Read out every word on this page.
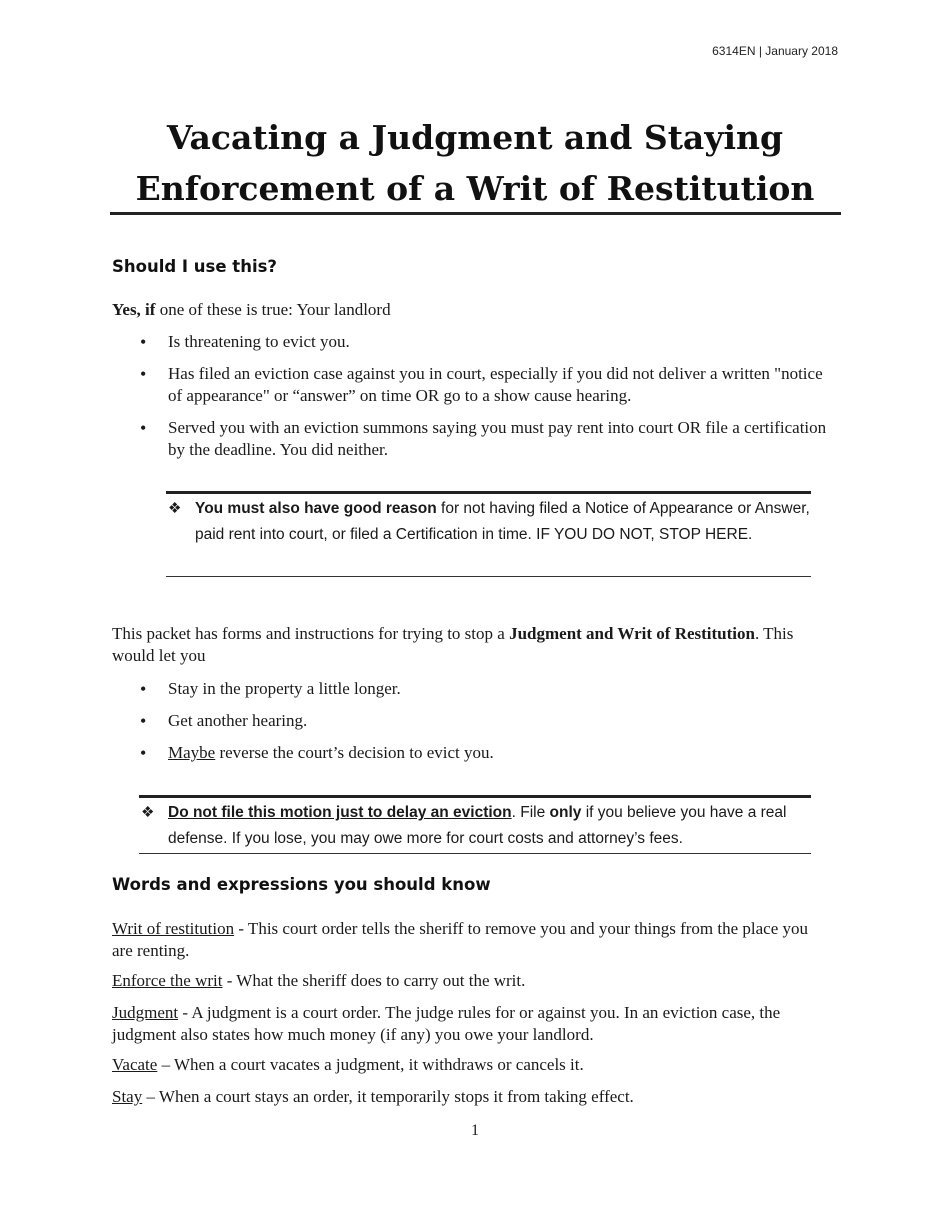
6314EN | January 2018
Vacating a Judgment and Staying
Enforcement of a Writ of Restitution
Should I use this?

Yes, if one of these is true: Your landlord

• Is threatening to evict you.
• Has filed an eviction case against you in court, especially if you did not deliver a written "notice of appearance" or “answer” on time OR go to a show cause hearing.
• Served you with an eviction summons saying you must pay rent into court OR file a certification by the deadline. You did neither.
❖ You must also have good reason for not having filed a Notice of Appearance or Answer, paid rent into court, or filed a Certification in time. IF YOU DO NOT, STOP HERE.

This packet has forms and instructions for trying to stop a Judgment and Writ of Restitution. This would let you

• Stay in the property a little longer.
• Get another hearing.
• Maybe reverse the court’s decision to evict you.
❖ Do not file this motion just to delay an eviction. File only if you believe you have a real defense. If you lose, you may owe more for court costs and attorney’s fees.
Words and expressions you should know

Writ of restitution - This court order tells the sheriff to remove you and your things from the place you are renting.

Enforce the writ - What the sheriff does to carry out the writ.

Judgment - A judgment is a court order. The judge rules for or against you. In an eviction case, the judgment also states how much money (if any) you owe your landlord.

Vacate – When a court vacates a judgment, it withdraws or cancels it.

Stay – When a court stays an order, it temporarily stops it from taking effect.

1
